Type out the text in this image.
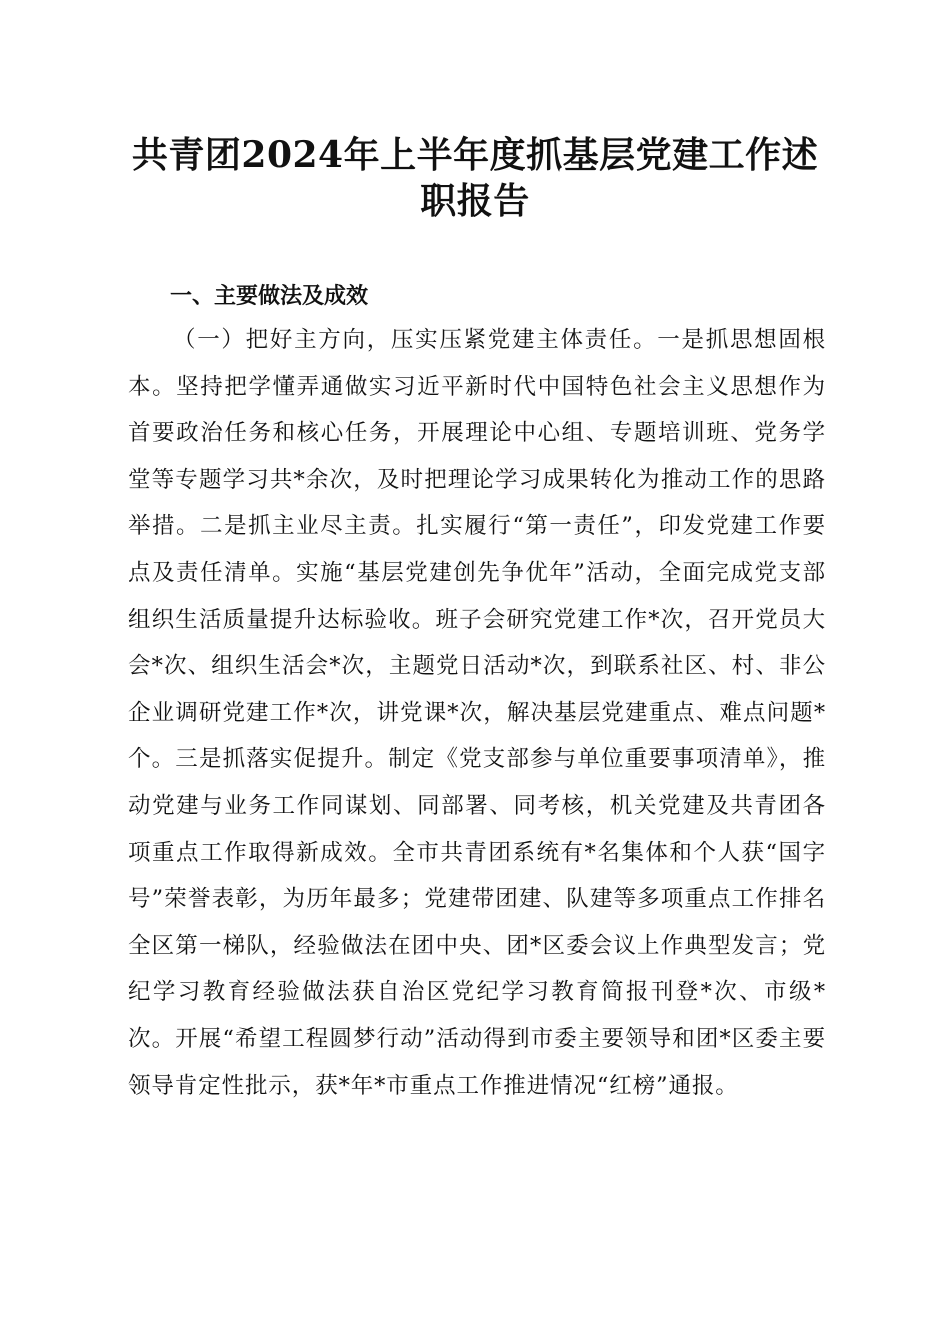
共青团2024年上半年度抓基层党建工作述职报告
一、主要做法及成效

（一）把好主方向，压实压紧党建主体责任。一是抓思想固根本。坚持把学懂弄通做实习近平新时代中国特色社会主义思想作为首要政治任务和核心任务，开展理论中心组、专题培训班、党务学堂等专题学习共*余次，及时把理论学习成果转化为推动工作的思路举措。二是抓主业尽主责。扎实履行“第一责任”，印发党建工作要点及责任清单。实施“基层党建创先争优年”活动，全面完成党支部组织生活质量提升达标验收。班子会研究党建工作*次，召开党员大会*次、组织生活会*次，主题党日活动*次，到联系社区、村、非公企业调研党建工作*次，讲党课*次，解决基层党建重点、难点问题*个。三是抓落实促提升。制定《党支部参与单位重要事项清单》，推动党建与业务工作同谋划、同部署、同考核，机关党建及共青团各项重点工作取得新成效。全市共青团系统有*名集体和个人获“国字号”荣誉表彰，为历年最多；党建带团建、队建等多项重点工作排名全区第一梯队，经验做法在团中央、团*区委会议上作典型发言；党纪学习教育经验做法获自治区党纪学习教育简报刊登*次、市级*次。开展“希望工程圆梦行动”活动得到市委主要领导和团*区委主要领导肯定性批示，获*年*市重点工作推进情况“红榜”通报。
